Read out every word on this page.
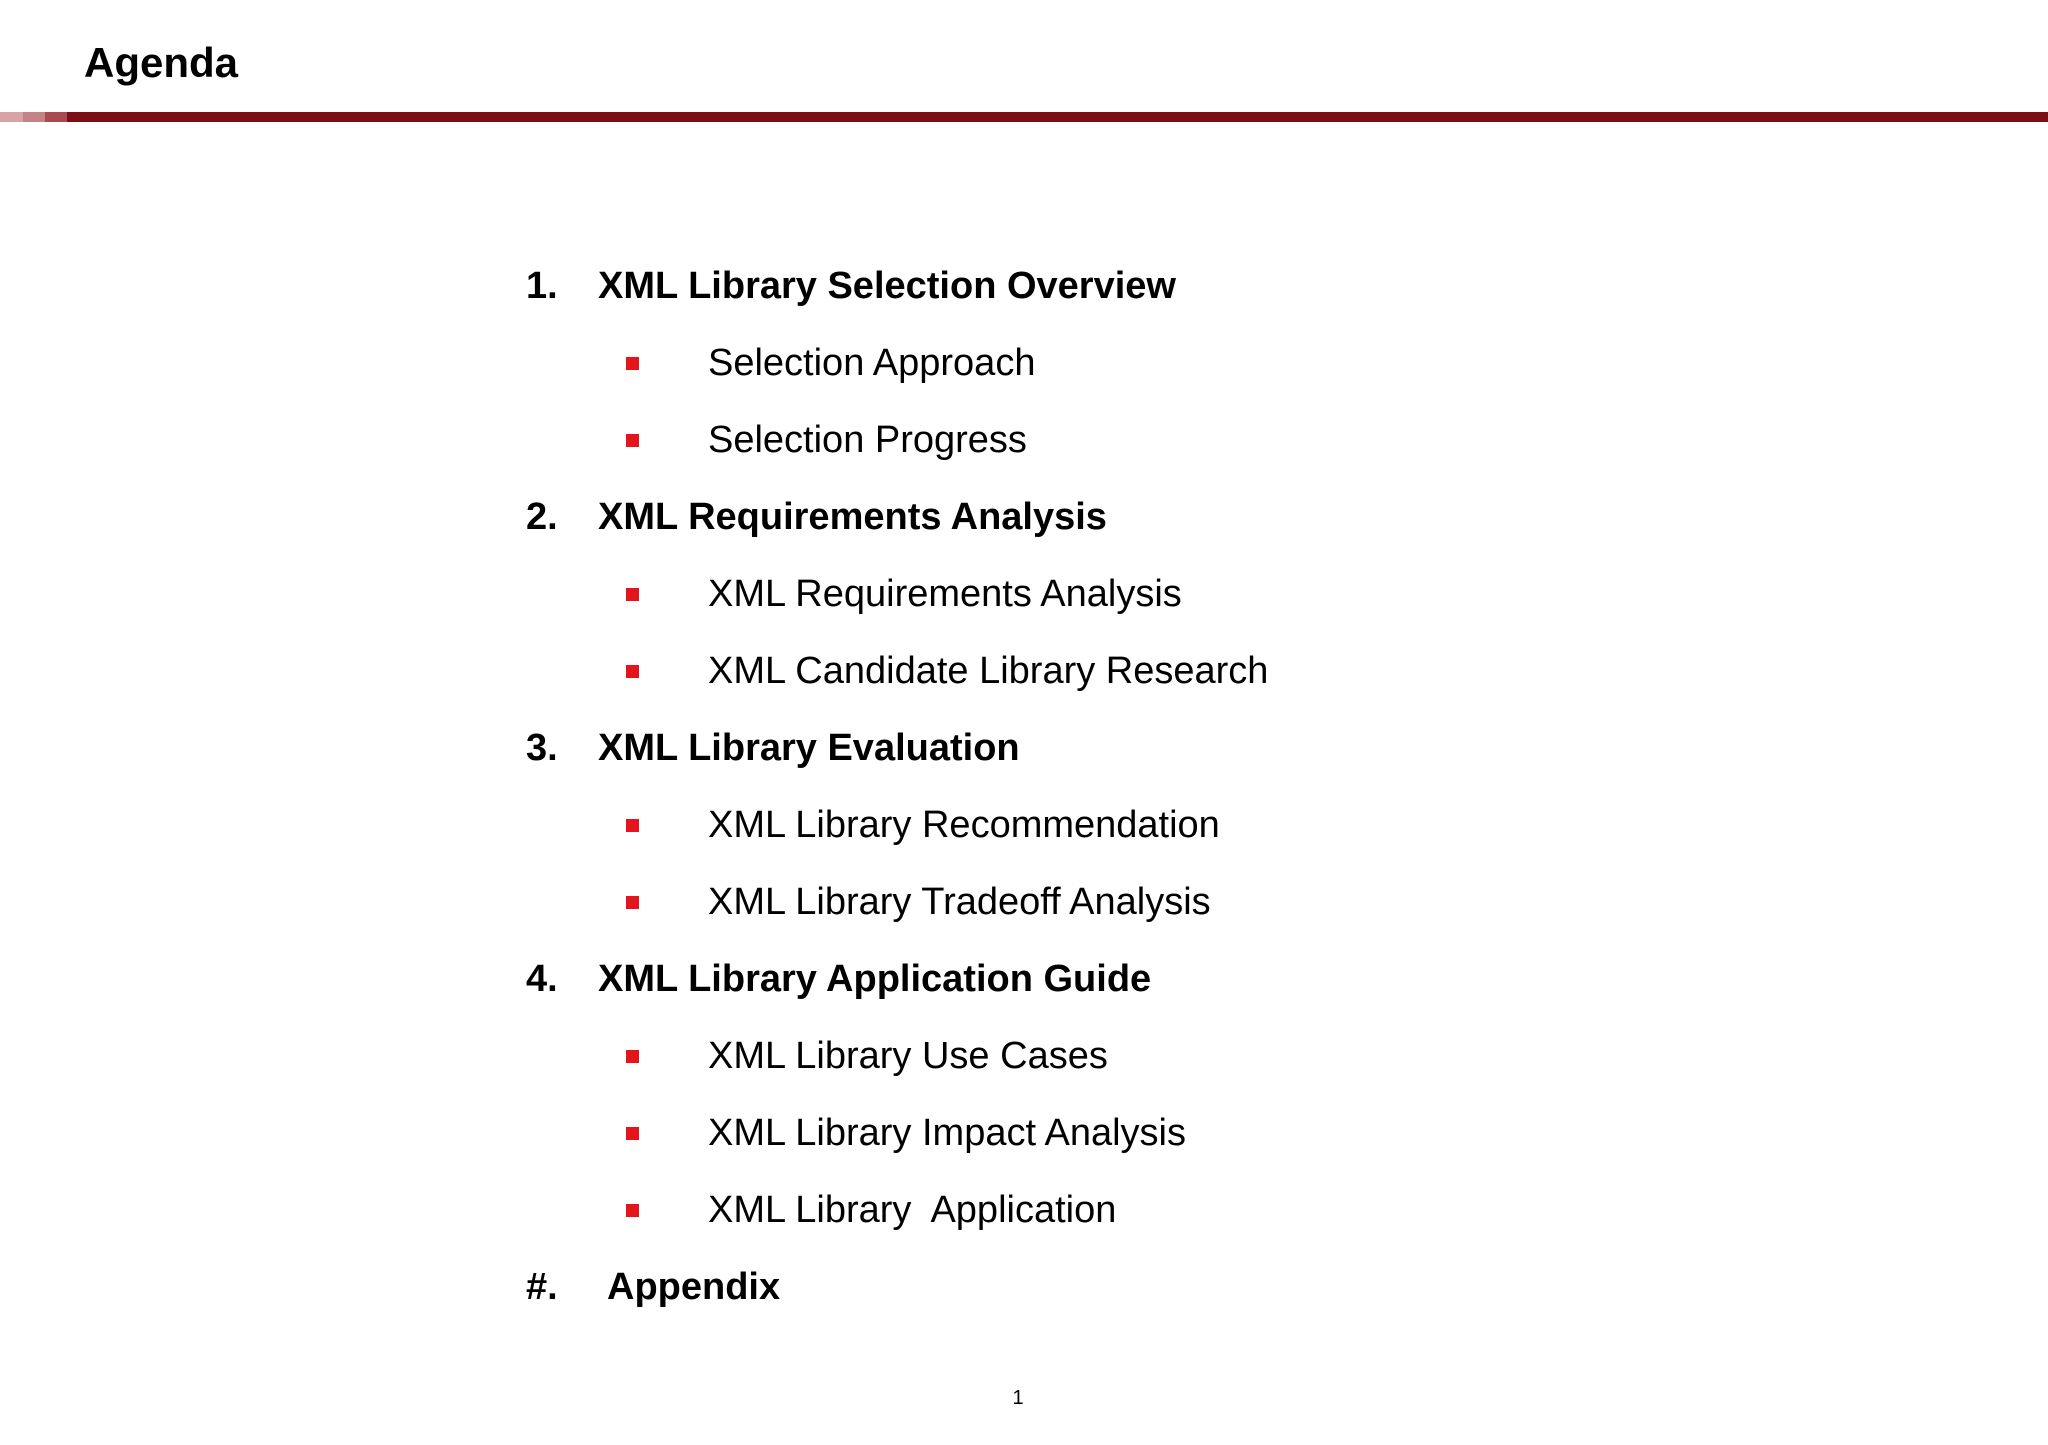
Agenda
1.	XML Library Selection Overview
Selection Approach
Selection Progress
2.	XML Requirements Analysis
XML Requirements Analysis
XML Candidate Library Research
3.	XML Library Evaluation
XML Library Recommendation
XML Library Tradeoff Analysis
4.	XML Library Application Guide
XML Library Use Cases
XML Library Impact Analysis
XML Library  Application
#.	Appendix
1
